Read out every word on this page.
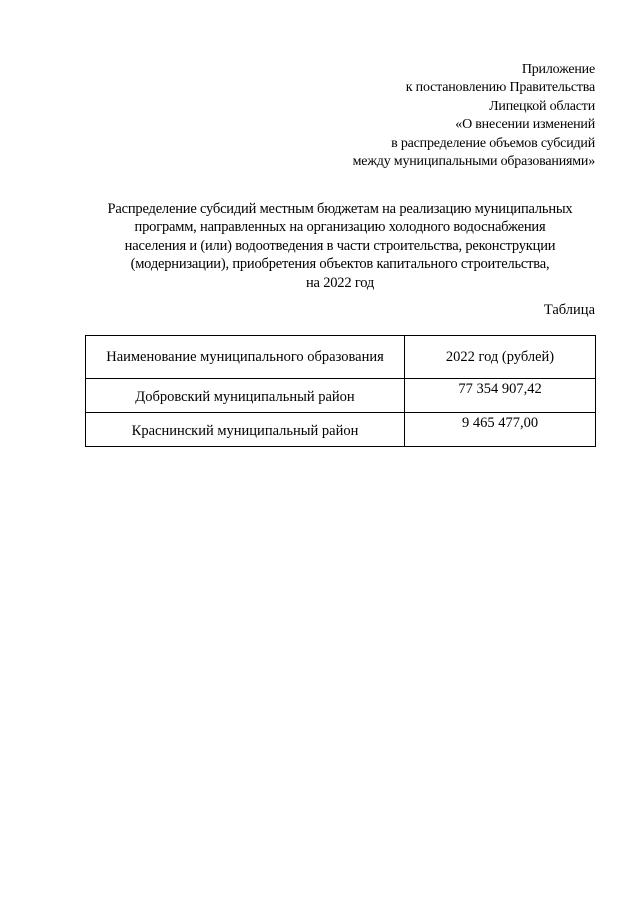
Приложение
к постановлению Правительства
Липецкой области
«О внесении изменений
в распределение объемов субсидий
между муниципальными образованиями»
Распределение субсидий местным бюджетам на реализацию муниципальных
программ, направленных на организацию холодного водоснабжения
населения и (или) водоотведения в части строительства, реконструкции
(модернизации), приобретения объектов капитального строительства,
на 2022 год
Таблица
Наименование муниципального образования	2022 год (рублей)
Добровский муниципальный район	77 354 907,42
Краснинский муниципальный район	9 465 477,00
